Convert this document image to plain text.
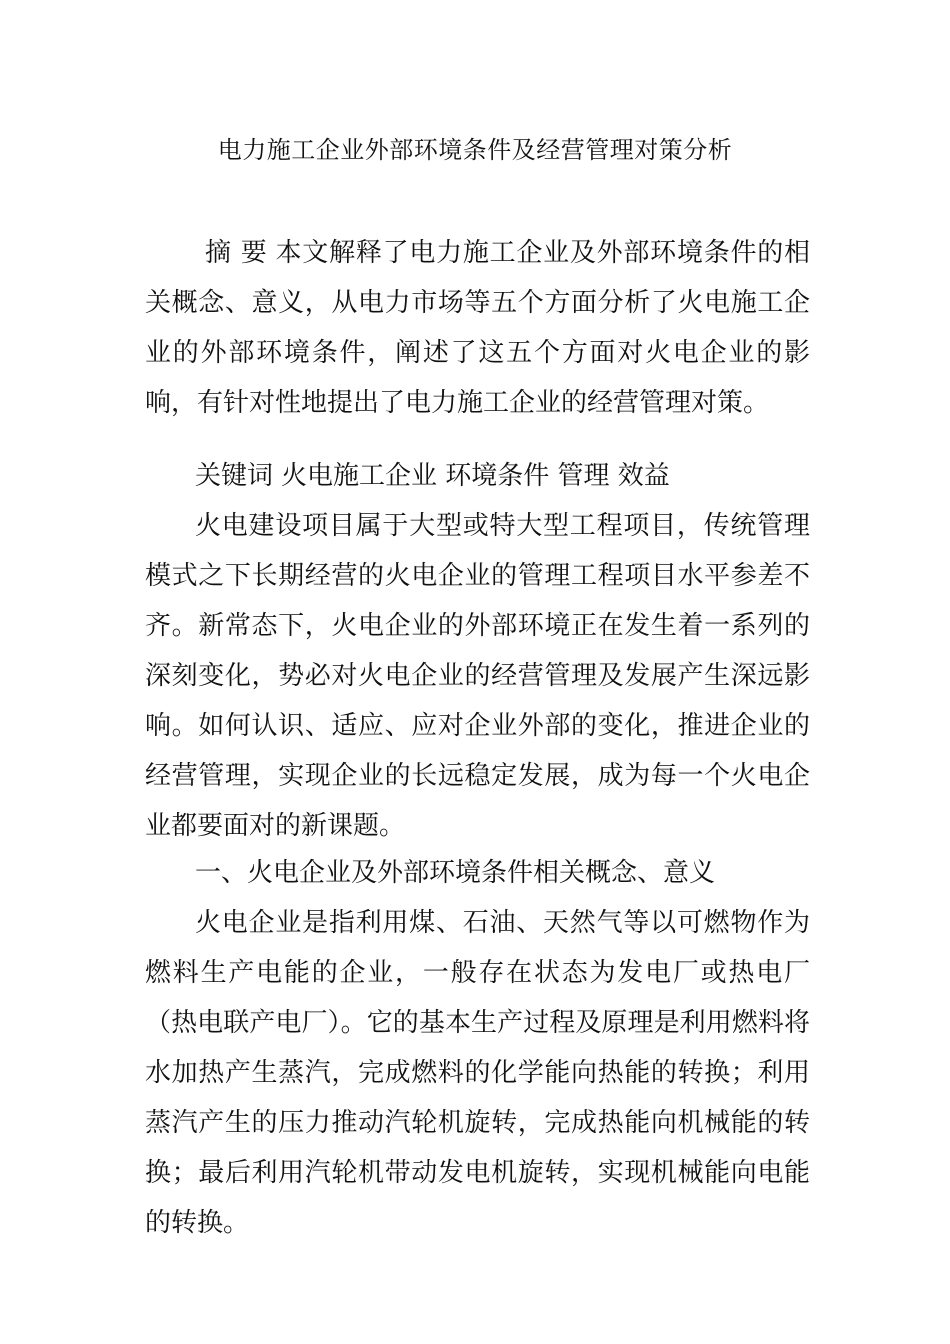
电力施工企业外部环境条件及经营管理对策分析

摘 要 本文解释了电力施工企业及外部环境条件的相关概念、意义，从电力市场等五个方面分析了火电施工企业的外部环境条件，阐述了这五个方面对火电企业的影响，有针对性地提出了电力施工企业的经营管理对策。

关键词 火电施工企业 环境条件 管理 效益

火电建设项目属于大型或特大型工程项目，传统管理模式之下长期经营的火电企业的管理工程项目水平参差不齐。新常态下，火电企业的外部环境正在发生着一系列的深刻变化，势必对火电企业的经营管理及发展产生深远影响。如何认识、适应、应对企业外部的变化，推进企业的经营管理，实现企业的长远稳定发展，成为每一个火电企业都要面对的新课题。

一、火电企业及外部环境条件相关概念、意义

火电企业是指利用煤、石油、天然气等以可燃物作为燃料生产电能的企业，一般存在状态为发电厂或热电厂（热电联产电厂）。它的基本生产过程及原理是利用燃料将水加热产生蒸汽，完成燃料的化学能向热能的转换；利用蒸汽产生的压力推动汽轮机旋转，完成热能向机械能的转换；最后利用汽轮机带动发电机旋转，实现机械能向电能的转换。
